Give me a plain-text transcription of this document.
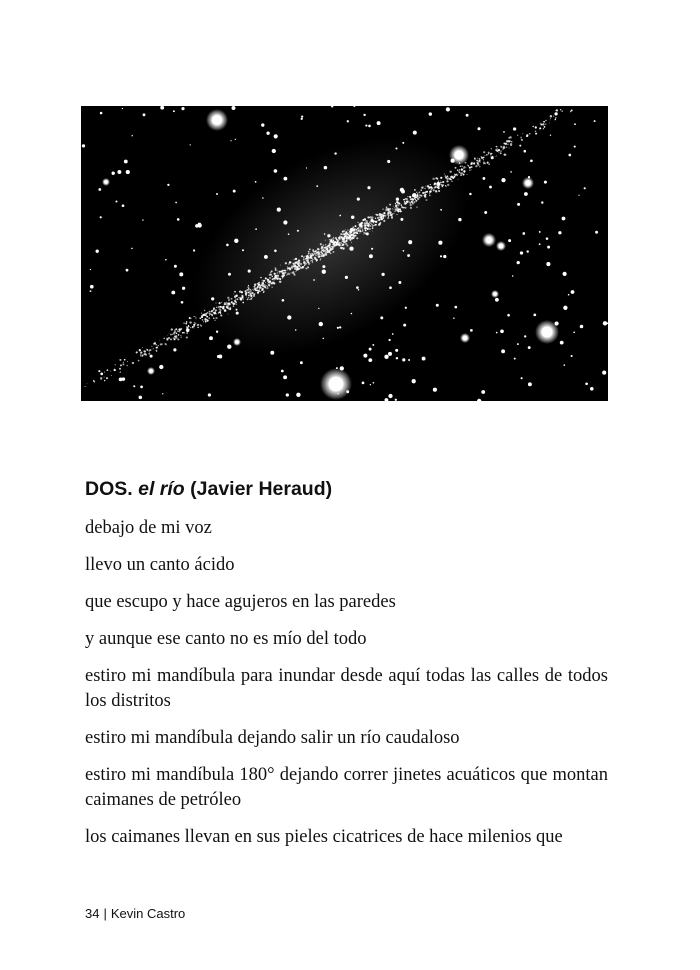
DOS. el río (Javier Heraud)

debajo de mi voz

llevo un canto ácido

que escupo y hace agujeros en las paredes

y aunque ese canto no es mío del todo

estiro mi mandíbula para inundar desde aquí todas las calles de todos los distritos

estiro mi mandíbula dejando salir un río caudaloso

estiro mi mandíbula 180° dejando correr jinetes acuáticos que montan caimanes de petróleo

los caimanes llevan en sus pieles cicatrices de hace milenios que

34 | Kevin Castro
